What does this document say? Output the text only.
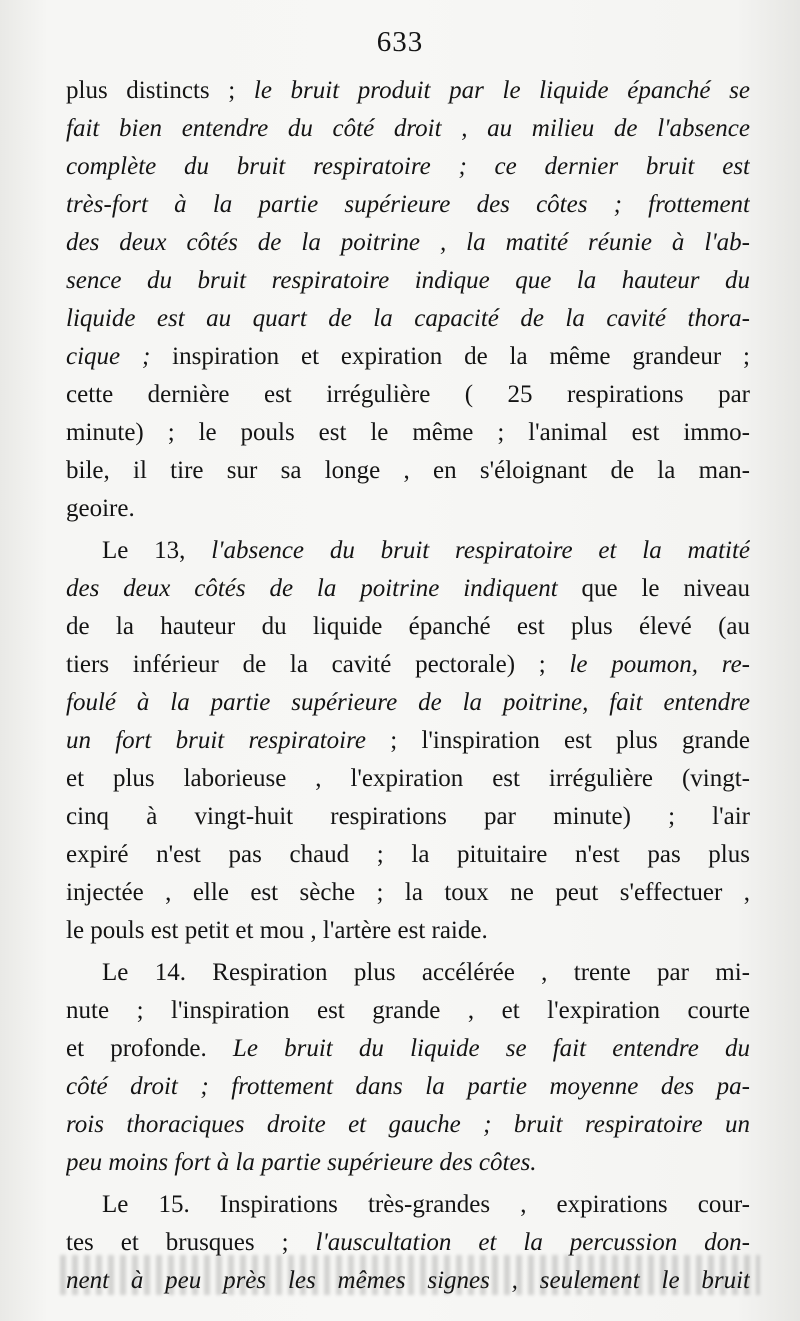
633
plus distincts ; le bruit produit par le liquide épanché se
fait bien entendre du côté droit , au milieu de l'absence
complète du bruit respiratoire ; ce dernier bruit est
très-fort à la partie supérieure des côtes ; frottement
des deux côtés de la poitrine , la matité réunie à l'ab-
sence du bruit respiratoire indique que la hauteur du
liquide est au quart de la capacité de la cavité thora-
cique ; inspiration et expiration de la même grandeur ;
cette dernière est irrégulière ( 25 respirations par
minute) ; le pouls est le même ; l'animal est immo-
bile, il tire sur sa longe , en s'éloignant de la man-
geoire.
Le 13, l'absence du bruit respiratoire et la matité
des deux côtés de la poitrine indiquent que le niveau
de la hauteur du liquide épanché est plus élevé (au
tiers inférieur de la cavité pectorale) ; le poumon, re-
foulé à la partie supérieure de la poitrine, fait entendre
un fort bruit respiratoire ; l'inspiration est plus grande
et plus laborieuse , l'expiration est irrégulière (vingt-
cinq à vingt-huit respirations par minute) ; l'air
expiré n'est pas chaud ; la pituitaire n'est pas plus
injectée , elle est sèche ; la toux ne peut s'effectuer ,
le pouls est petit et mou , l'artère est raide.
Le 14. Respiration plus accélérée , trente par mi-
nute ; l'inspiration est grande , et l'expiration courte
et profonde. Le bruit du liquide se fait entendre du
côté droit ; frottement dans la partie moyenne des pa-
rois thoraciques droite et gauche ; bruit respiratoire un
peu moins fort à la partie supérieure des côtes.
Le 15. Inspirations très-grandes , expirations cour-
tes et brusques ; l'auscultation et la percussion don-
nent à peu près les mêmes signes , seulement le bruit
